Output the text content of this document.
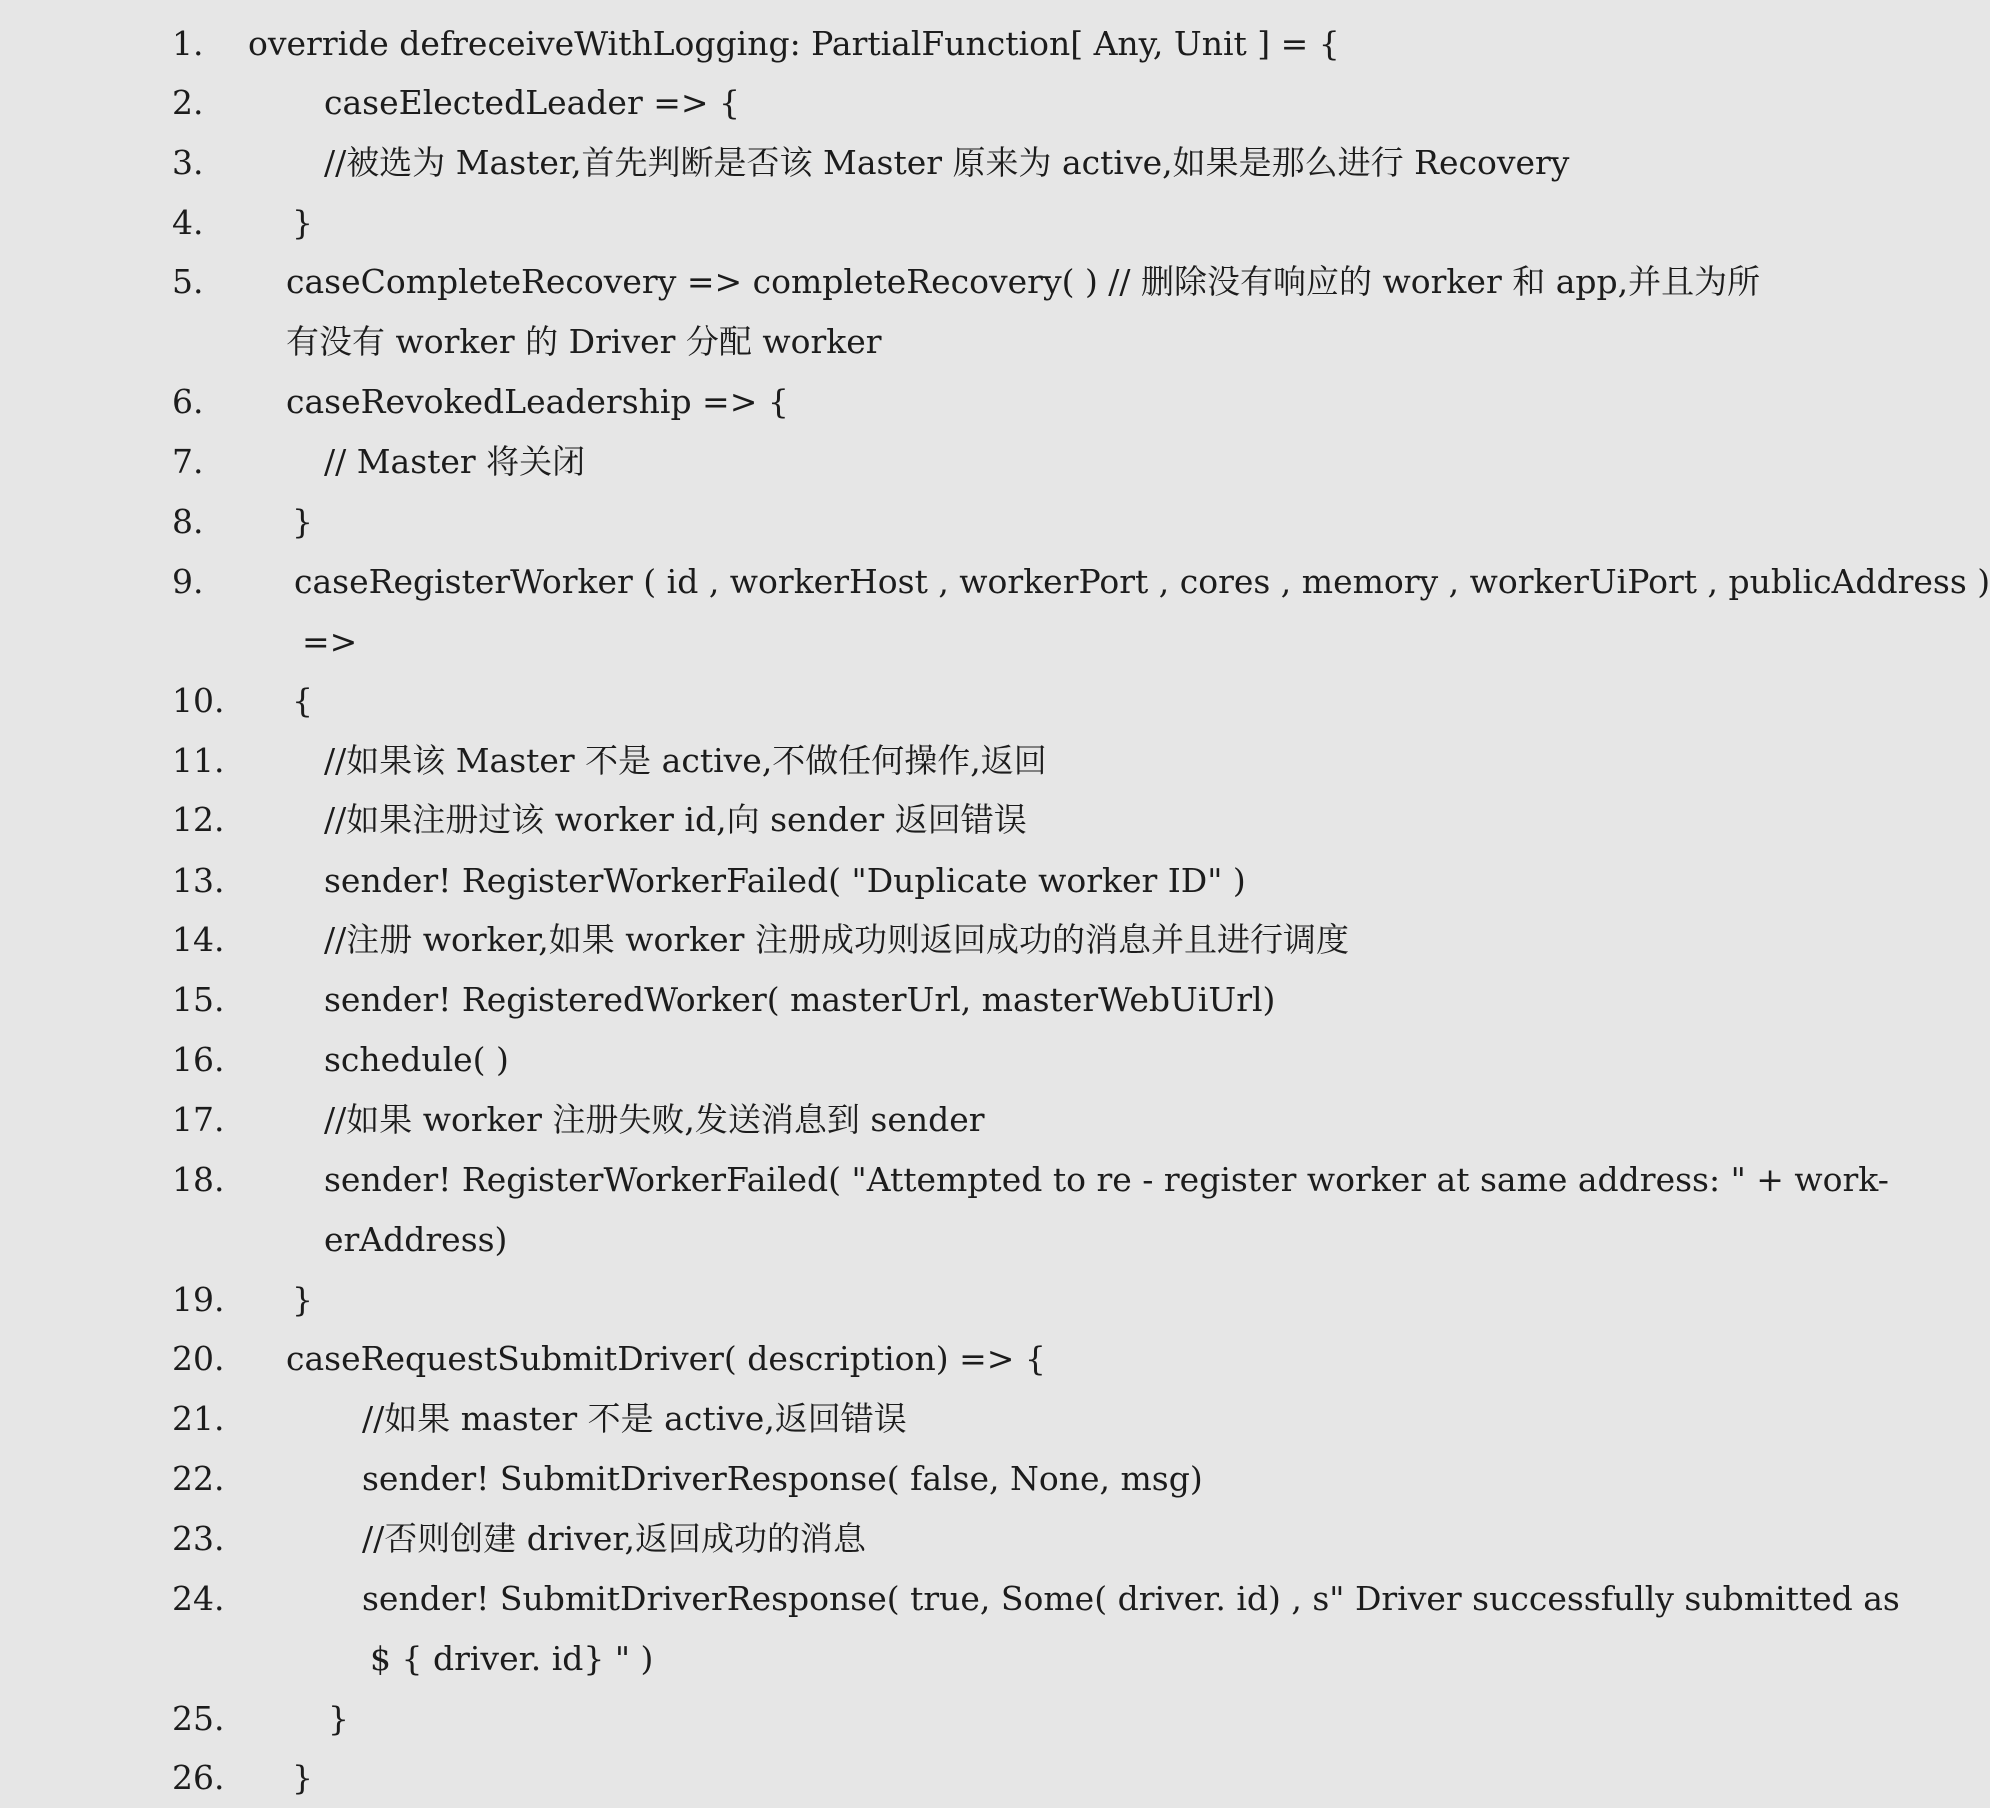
1. override defreceiveWithLogging: PartialFunction[ Any, Unit ] = {
2.	caseElectedLeader => {
3.	//被选为 Master,首先判断是否该 Master 原来为 active,如果是那么进行 Recovery
4.	}
5.	caseCompleteRecovery => completeRecovery( ) // 删除没有响应的 worker 和 app,并且为所
有没有 worker 的 Driver 分配 worker
6.	caseRevokedLeadership => {
7.	// Master 将关闭
8.	}
9.	caseRegisterWorker ( id , workerHost , workerPort , cores , memory , workerUiPort , publicAddress )
=>
10. {
11.	//如果该 Master 不是 active,不做任何操作,返回
12.	//如果注册过该 worker id,向 sender 返回错误
13.	sender! RegisterWorkerFailed( "Duplicate worker ID" )
14.	//注册 worker,如果 worker 注册成功则返回成功的消息并且进行调度
15.	sender! RegisteredWorker( masterUrl, masterWebUiUrl)
16.	schedule( )
17.	//如果 worker 注册失败,发送消息到 sender
18.	sender! RegisterWorkerFailed( "Attempted to re - register worker at same address: " + work-
erAddress)
19. }
20. caseRequestSubmitDriver( description) => {
21.	//如果 master 不是 active,返回错误
22.	sender! SubmitDriverResponse( false, None, msg)
23.	//否则创建 driver,返回成功的消息
24.	sender! SubmitDriverResponse( true, Some( driver. id) , s" Driver successfully submitted as
$ { driver. id} " )
25.	}
26. }
